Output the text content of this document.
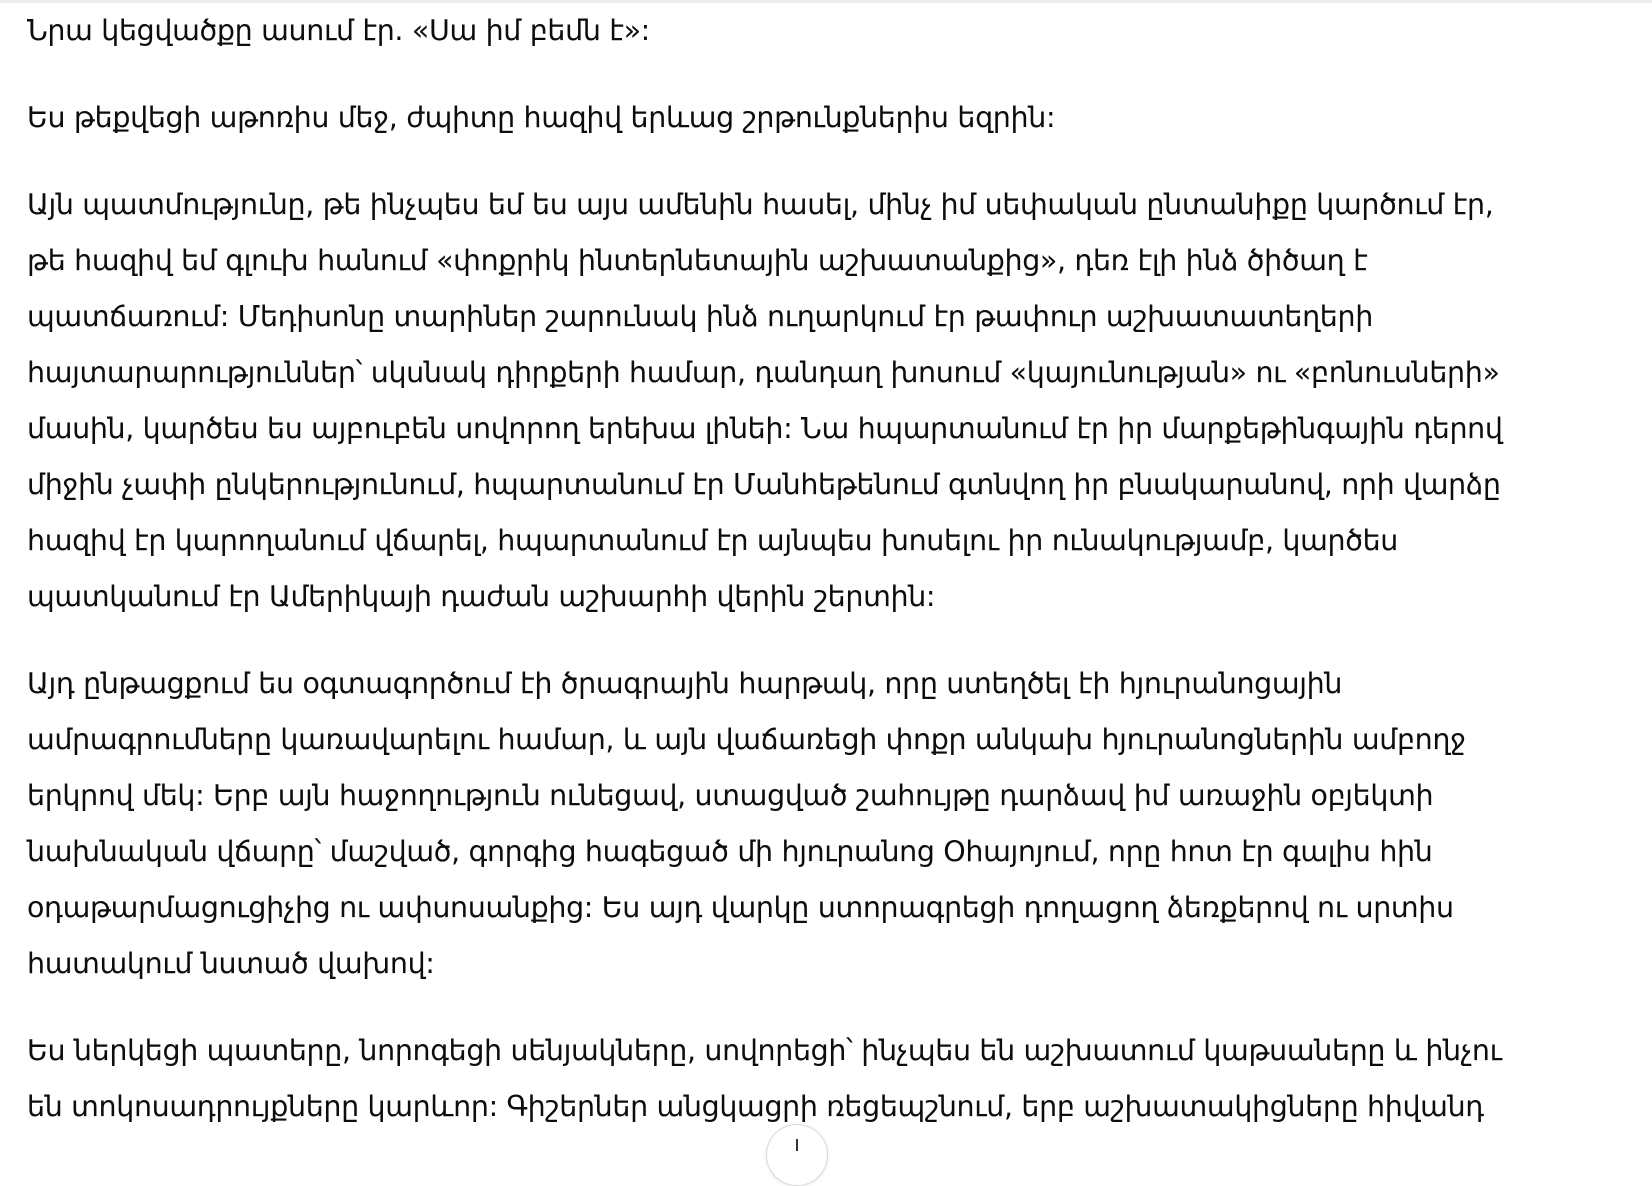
Նրա կեցվածքը ասում էր. «Սա իմ բեմն է»:

Ես թեքվեցի աթոռիս մեջ, ժպիտը հազիվ երևաց շրթունքներիս եզրին:

Այն պատմությունը, թե ինչպես եմ ես այս ամենին հասել, մինչ իմ սեփական ընտանիքը կարծում էր,
թե հազիվ եմ գլուխ հանում «փոքրիկ ինտերնետային աշխատանքից», դեռ էլի ինձ ծիծաղ է
պատճառում: Մեդիսոնը տարիներ շարունակ ինձ ուղարկում էր թափուր աշխատատեղերի
հայտարարություններ՝ սկսնակ դիրքերի համար, դանդաղ խոսում «կայունության» ու «բոնուսների»
մասին, կարծես ես այբուբեն սովորող երեխա լինեի: Նա հպարտանում էր իր մարքեթինգային դերով
միջին չափի ընկերությունում, հպարտանում էր Մանհեթենում գտնվող իր բնակարանով, որի վարձը
հազիվ էր կարողանում վճարել, հպարտանում էր այնպես խոսելու իր ունակությամբ, կարծես
պատկանում էր Ամերիկայի դաժան աշխարհի վերին շերտին:

Այդ ընթացքում ես օգտագործում էի ծրագրային հարթակ, որը ստեղծել էի հյուրանոցային
ամրագրումները կառավարելու համար, և այն վաճառեցի փոքր անկախ հյուրանոցներին ամբողջ
երկրով մեկ: Երբ այն հաջողություն ունեցավ, ստացված շահույթը դարձավ իմ առաջին օբյեկտի
նախնական վճարը՝ մաշված, գորգից հագեցած մի հյուրանոց Օհայոյում, որը հոտ էր գալիս հին
օդաթարմացուցիչից ու ափսոսանքից: Ես այդ վարկը ստորագրեցի դողացող ձեռքերով ու սրտիս
հատակում նստած վախով:

Ես ներկեցի պատերը, նորոգեցի սենյակները, սովորեցի՝ ինչպես են աշխատում կաթսաները և ինչու
են տոկոսադրույքները կարևոր: Գիշերներ անցկացրի ռեցեպշնում, երբ աշխատակիցները հիվանդ
